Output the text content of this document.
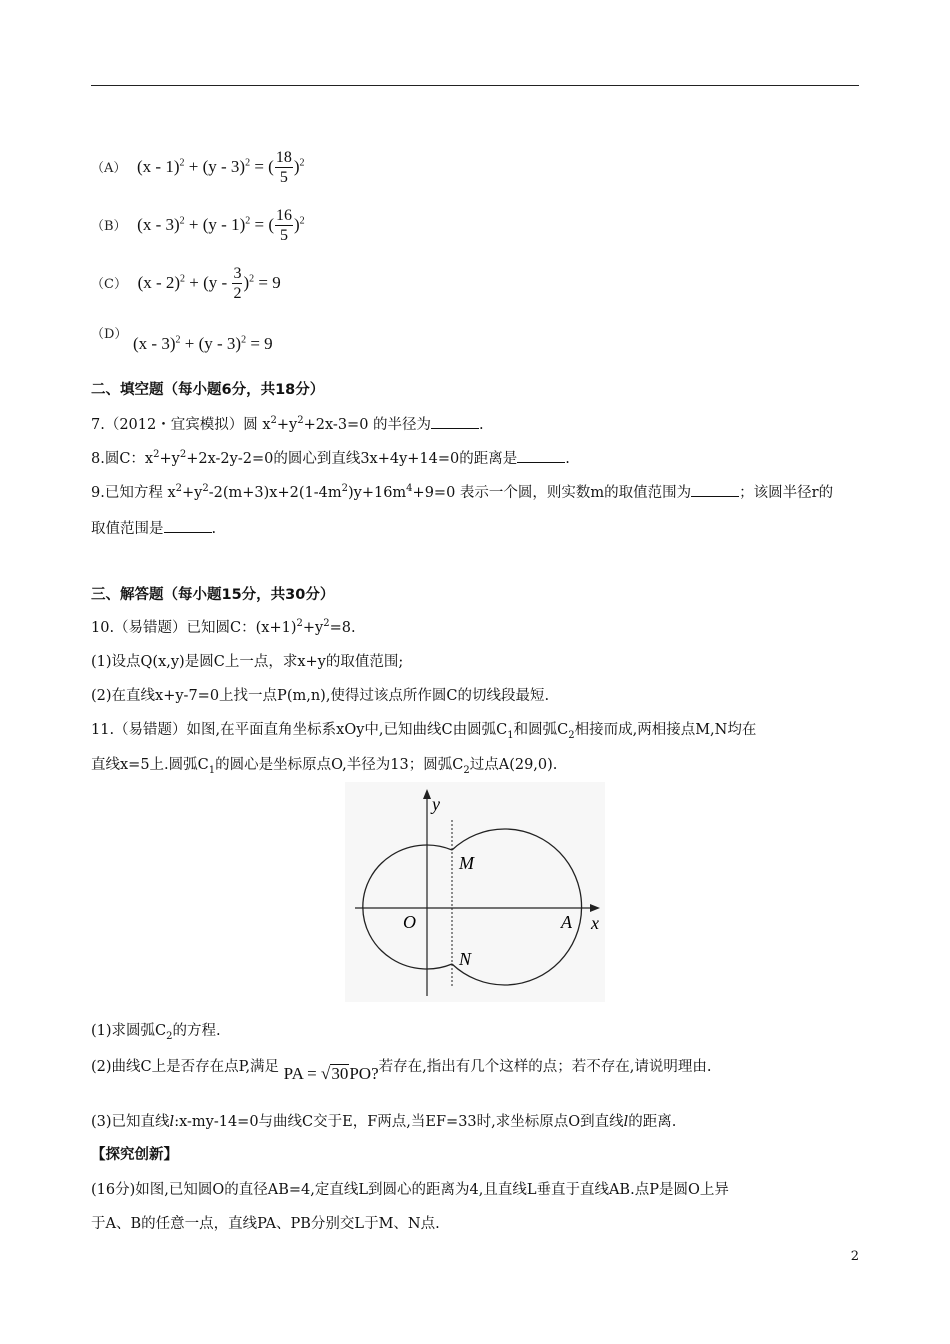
（A） (x - 1)$^2$ + (y - 3)$^2$ = ( $\frac{18}{5} )^2$
（B） (x - 3)$^2$ + (y - 1)$^2$ = ( $\frac{16}{5} )^2$
（C） $(x - 2)^2 + (y - \frac{3}{2} )^2 = 9$
（D） (x - 3)$^2$ + (y - 3)$^2$ = 9
二、填空题（每小题6分，共18分）
7.（2012・宜宾模拟）圆 $x^2+y^2+2x-3=0$ 的半径为	.
8.圆C：$x^2+y^2+2x-2y-2=0$的圆心到直线3x+4y+14=0的距离是	.
9.已知方程 $x^2+y^2-2(m+3)x+2(1-4m^2)y+16m^4+9=0$ 表示一个圆，则实数m的取值范围为	；该圆半径r的
取值范围是	.
三、解答题（每小题15分，共30分）
10.（易错题）已知圆C：$(x+1)^2+y^2=8$.
(1)设点Q(x,y)是圆C上一点，求x+y的取值范围;
(2)在直线x+y-7=0上找一点P(m,n),使得过该点所作圆C的切线段最短.
11.（易错题）如图,在平面直角坐标系xOy中,已知曲线C由圆弧$C_1$和圆弧$C_2$相接而成,两相接点M,N均在
直线x=5上.圆弧$C_1$的圆心是坐标原点O,半径为13；圆弧$C_2$过点A(29,0).
y
x
O	A
M
N
(1)求圆弧$C_2$的方程.
(2)曲线C上是否存在点P,满足 PA = √30PO?若存在,指出有几个这样的点；若不存在,请说明理由.
(3)已知直线l:x-my-14=0与曲线C交于E，F两点,当EF=33时,求坐标原点O到直线l的距离.
【探究创新】
(16分)如图,已知圆O的直径AB=4,定直线L到圆心的距离为4,且直线L垂直于直线AB.点P是圆O上异
于A、B的任意一点，直线PA、PB分别交L于M、N点.
2
